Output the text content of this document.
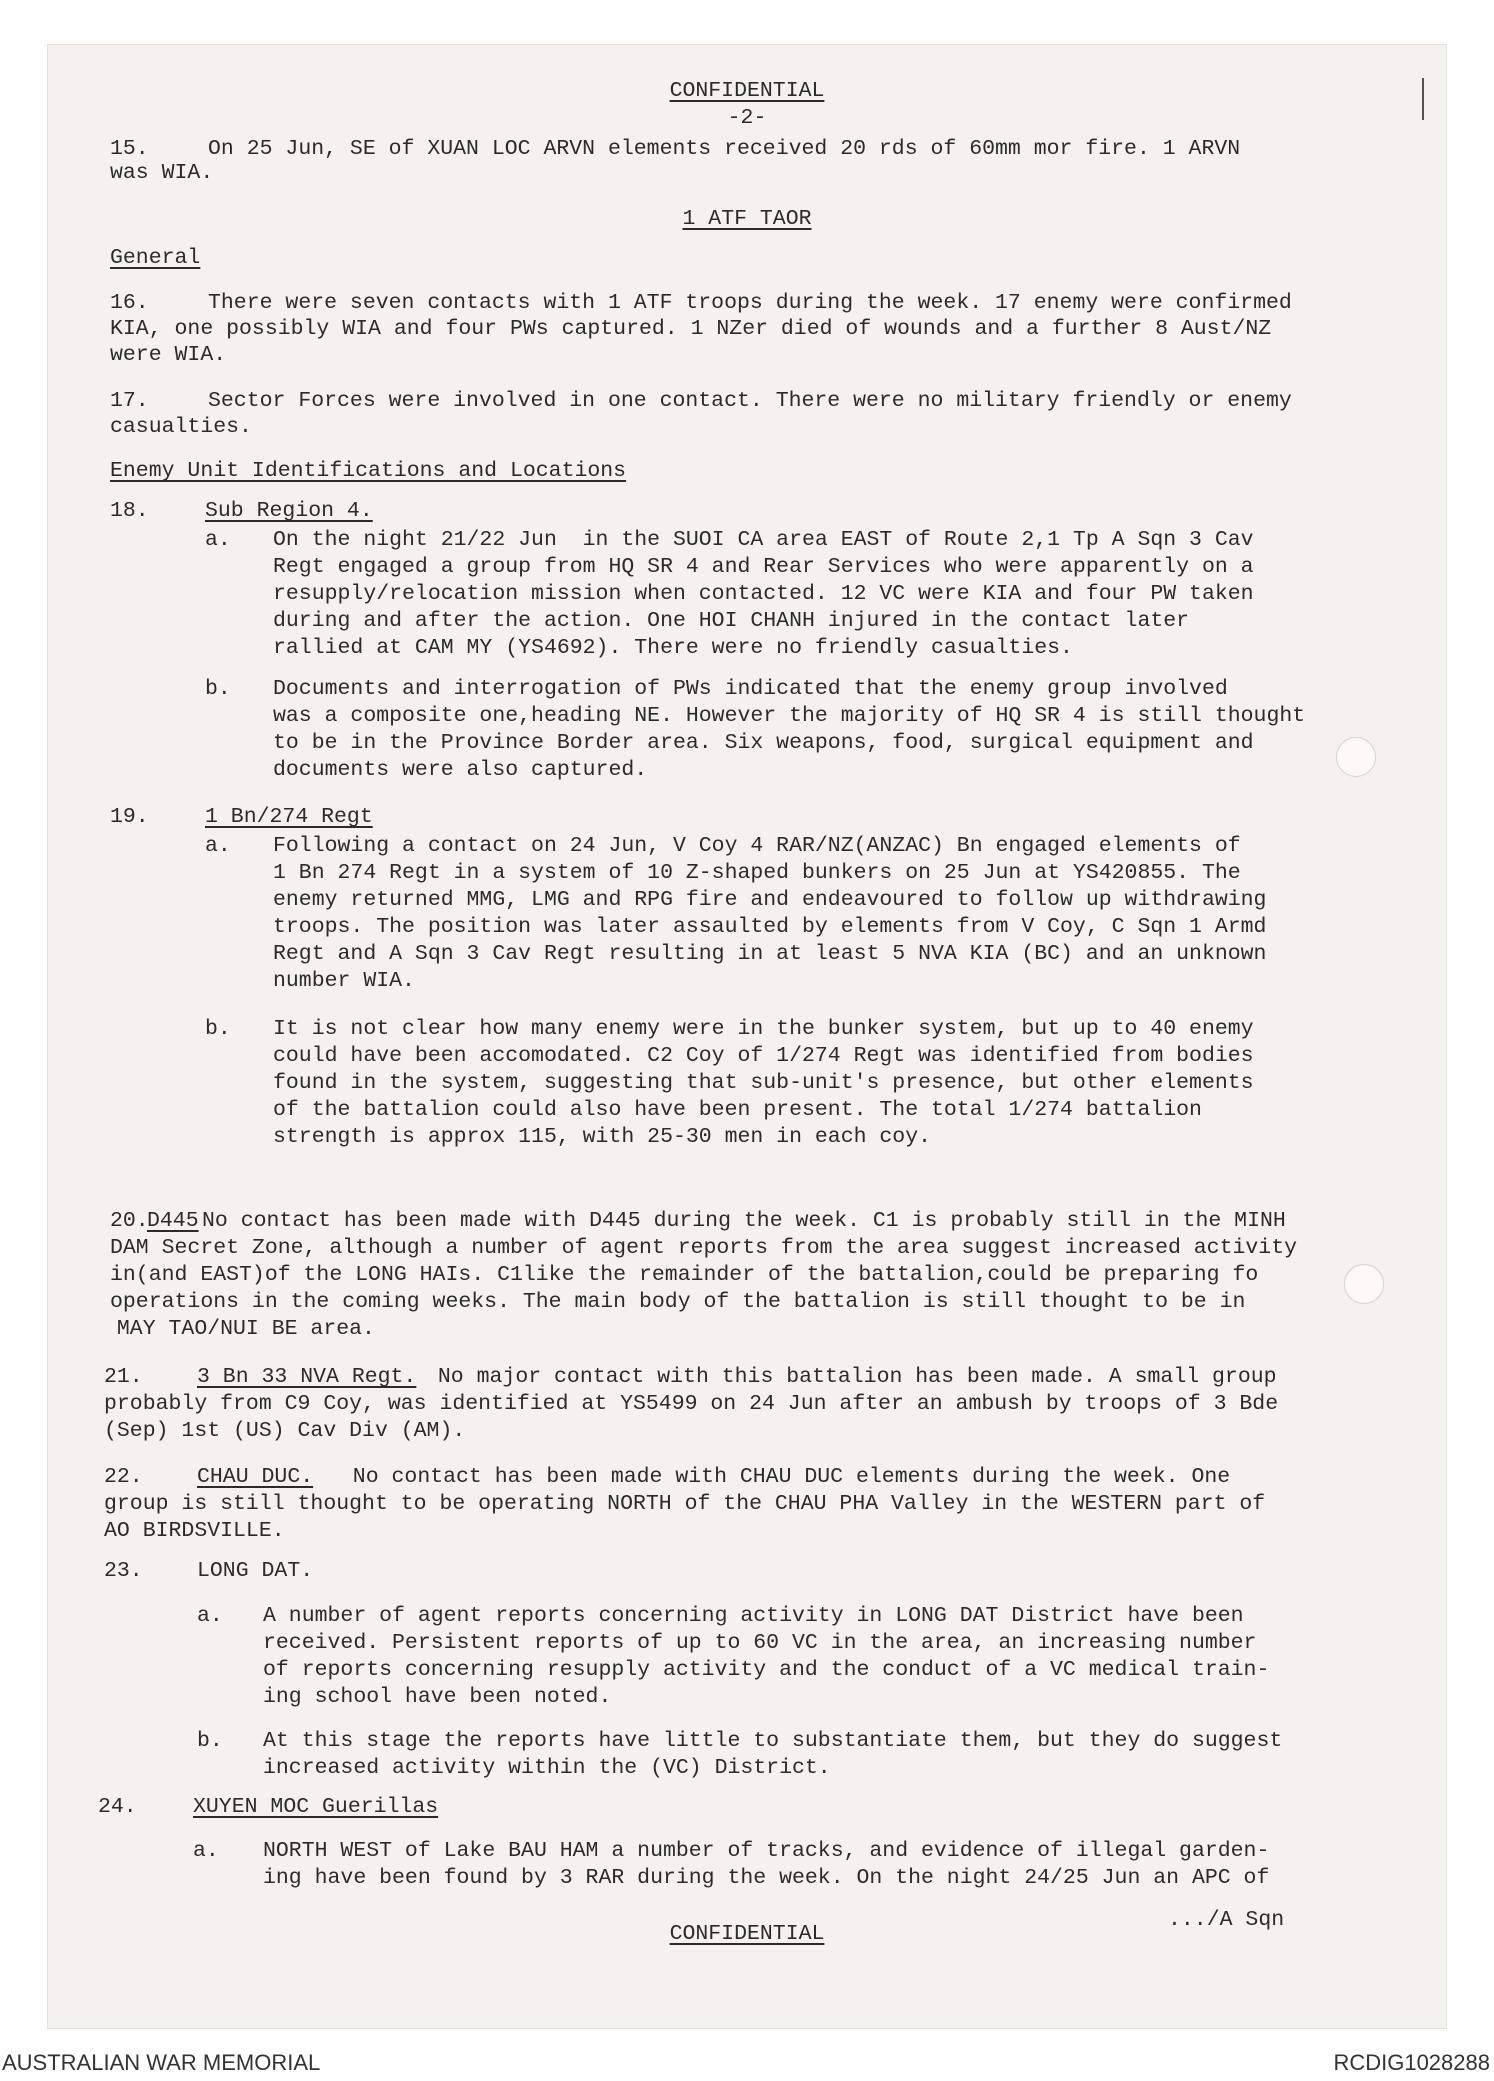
CONFIDENTIAL
-2-
15.	On 25 Jun, SE of XUAN LOC ARVN elements received 20 rds of 60mm mor fire. 1 ARVN
was WIA.
1 ATF TAOR
General
16.	There were seven contacts with 1 ATF troops during the week. 17 enemy were confirmed
KIA, one possibly WIA and four PWs captured. 1 NZer died of wounds and a further 8 Aust/NZ
were WIA.
17.	Sector Forces were involved in one contact. There were no military friendly or enemy
casualties.
Enemy Unit Identifications and Locations
18.	Sub Region 4.
a. On the night 21/22 Jun  in the SUOI CA area EAST of Route 2,1 Tp A Sqn 3 Cav
Regt engaged a group from HQ SR 4 and Rear Services who were apparently on a
resupply/relocation mission when contacted. 12 VC were KIA and four PW taken
during and after the action. One HOI CHANH injured in the contact later
rallied at CAM MY (YS4692). There were no friendly casualties.
b. Documents and interrogation of PWs indicated that the enemy group involved
was a composite one,heading NE. However the majority of HQ SR 4 is still thought
to be in the Province Border area. Six weapons, food, surgical equipment and
documents were also captured.
19.	1 Bn/274 Regt
a. Following a contact on 24 Jun, V Coy 4 RAR/NZ(ANZAC) Bn engaged elements of
1 Bn 274 Regt in a system of 10 Z-shaped bunkers on 25 Jun at YS420855. The
enemy returned MMG, LMG and RPG fire and endeavoured to follow up withdrawing
troops. The position was later assaulted by elements from V Coy, C Sqn 1 Armd
Regt and A Sqn 3 Cav Regt resulting in at least 5 NVA KIA (BC) and an unknown
number WIA.
b. It is not clear how many enemy were in the bunker system, but up to 40 enemy
could have been accomodated. C2 Coy of 1/274 Regt was identified from bodies
found in the system, suggesting that sub-unit's presence, but other elements
of the battalion could also have been present. The total 1/274 battalion
strength is approx 115, with 25-30 men in each coy.
20.
D445 No contact has been made with D445 during the week. C1 is probably still in the MINH
DAM Secret Zone, although a number of agent reports from the area suggest increased activity
in(and EAST)of the LONG HAIs. C1like the remainder of the battalion,could be preparing fo
operations in the coming weeks. The main body of the battalion is still thought to be in
MAY TAO/NUI BE area.
21.	3 Bn 33 NVA Regt. No major contact with this battalion has been made. A small group
probably from C9 Coy, was identified at YS5499 on 24 Jun after an ambush by troops of 3 Bde
(Sep) 1st (US) Cav Div (AM).
22.	CHAU DUC. No contact has been made with CHAU DUC elements during the week. One
group is still thought to be operating NORTH of the CHAU PHA Valley in the WESTERN part of
AO BIRDSVILLE.
23.	LONG DAT.
a. A number of agent reports concerning activity in LONG DAT District have been
received. Persistent reports of up to 60 VC in the area, an increasing number
of reports concerning resupply activity and the conduct of a VC medical train-
ing school have been noted.
b. At this stage the reports have little to substantiate them, but they do suggest
increased activity within the (VC) District.
24.	XUYEN MOC Guerillas
a. NORTH WEST of Lake BAU HAM a number of tracks, and evidence of illegal garden-
ing have been found by 3 RAR during the week. On the night 24/25 Jun an APC of
.../A Sqn
CONFIDENTIAL
AUSTRALIAN WAR MEMORIAL	RCDIG1028288
